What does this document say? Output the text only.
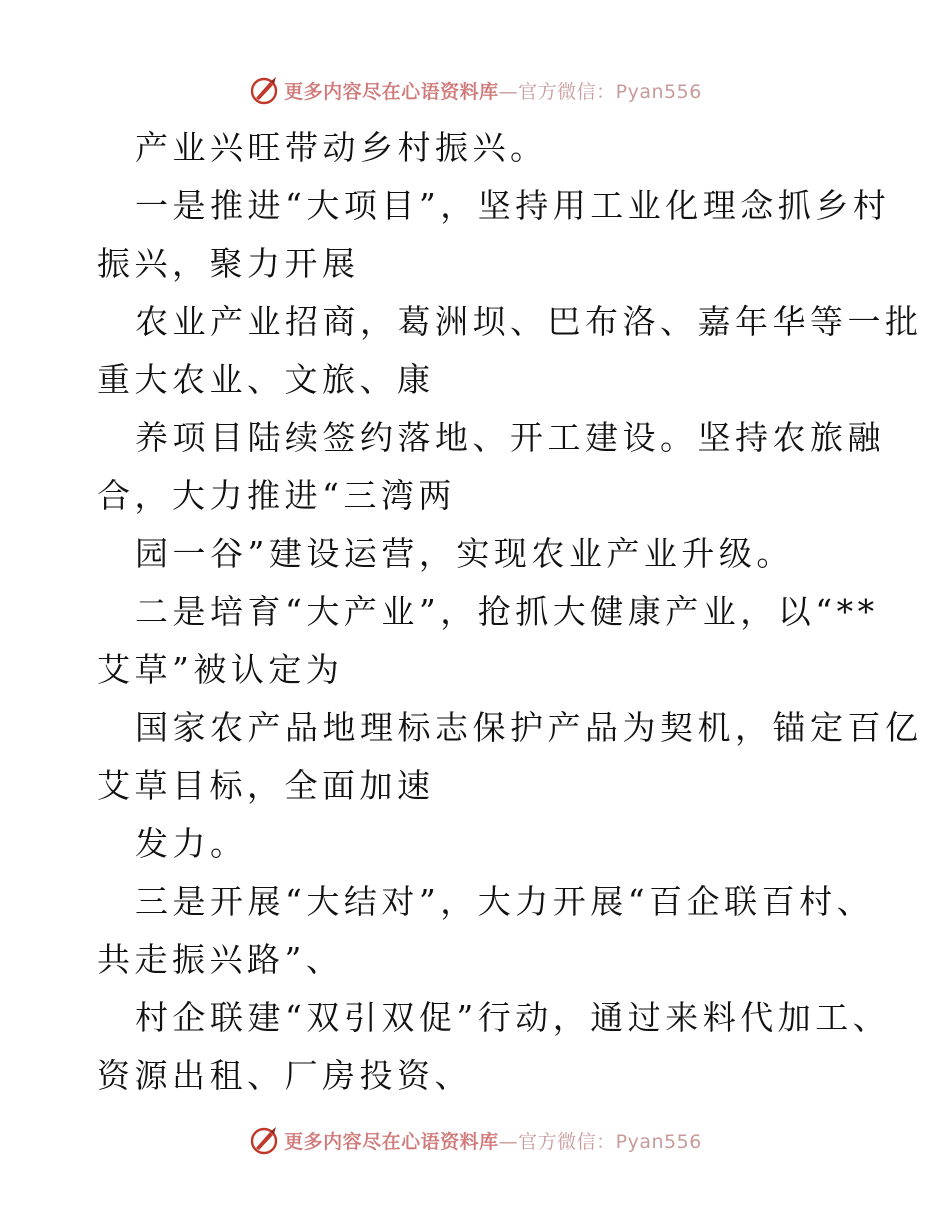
更多内容尽在心语资料库—官方微信：Pyan556
产业兴旺带动乡村振兴。
一是推进“大项目”，坚持用工业化理念抓乡村
振兴，聚力开展
农业产业招商，葛洲坝、巴布洛、嘉年华等一批
重大农业、文旅、康
养项目陆续签约落地、开工建设。坚持农旅融
合，大力推进“三湾两
园一谷”建设运营，实现农业产业升级。
二是培育“大产业”，抢抓大健康产业，以“**
艾草”被认定为
国家农产品地理标志保护产品为契机，锚定百亿
艾草目标，全面加速
发力。
三是开展“大结对”，大力开展“百企联百村、
共走振兴路”、
村企联建“双引双促”行动，通过来料代加工、
资源出租、厂房投资、
更多内容尽在心语资料库—官方微信：Pyan556
